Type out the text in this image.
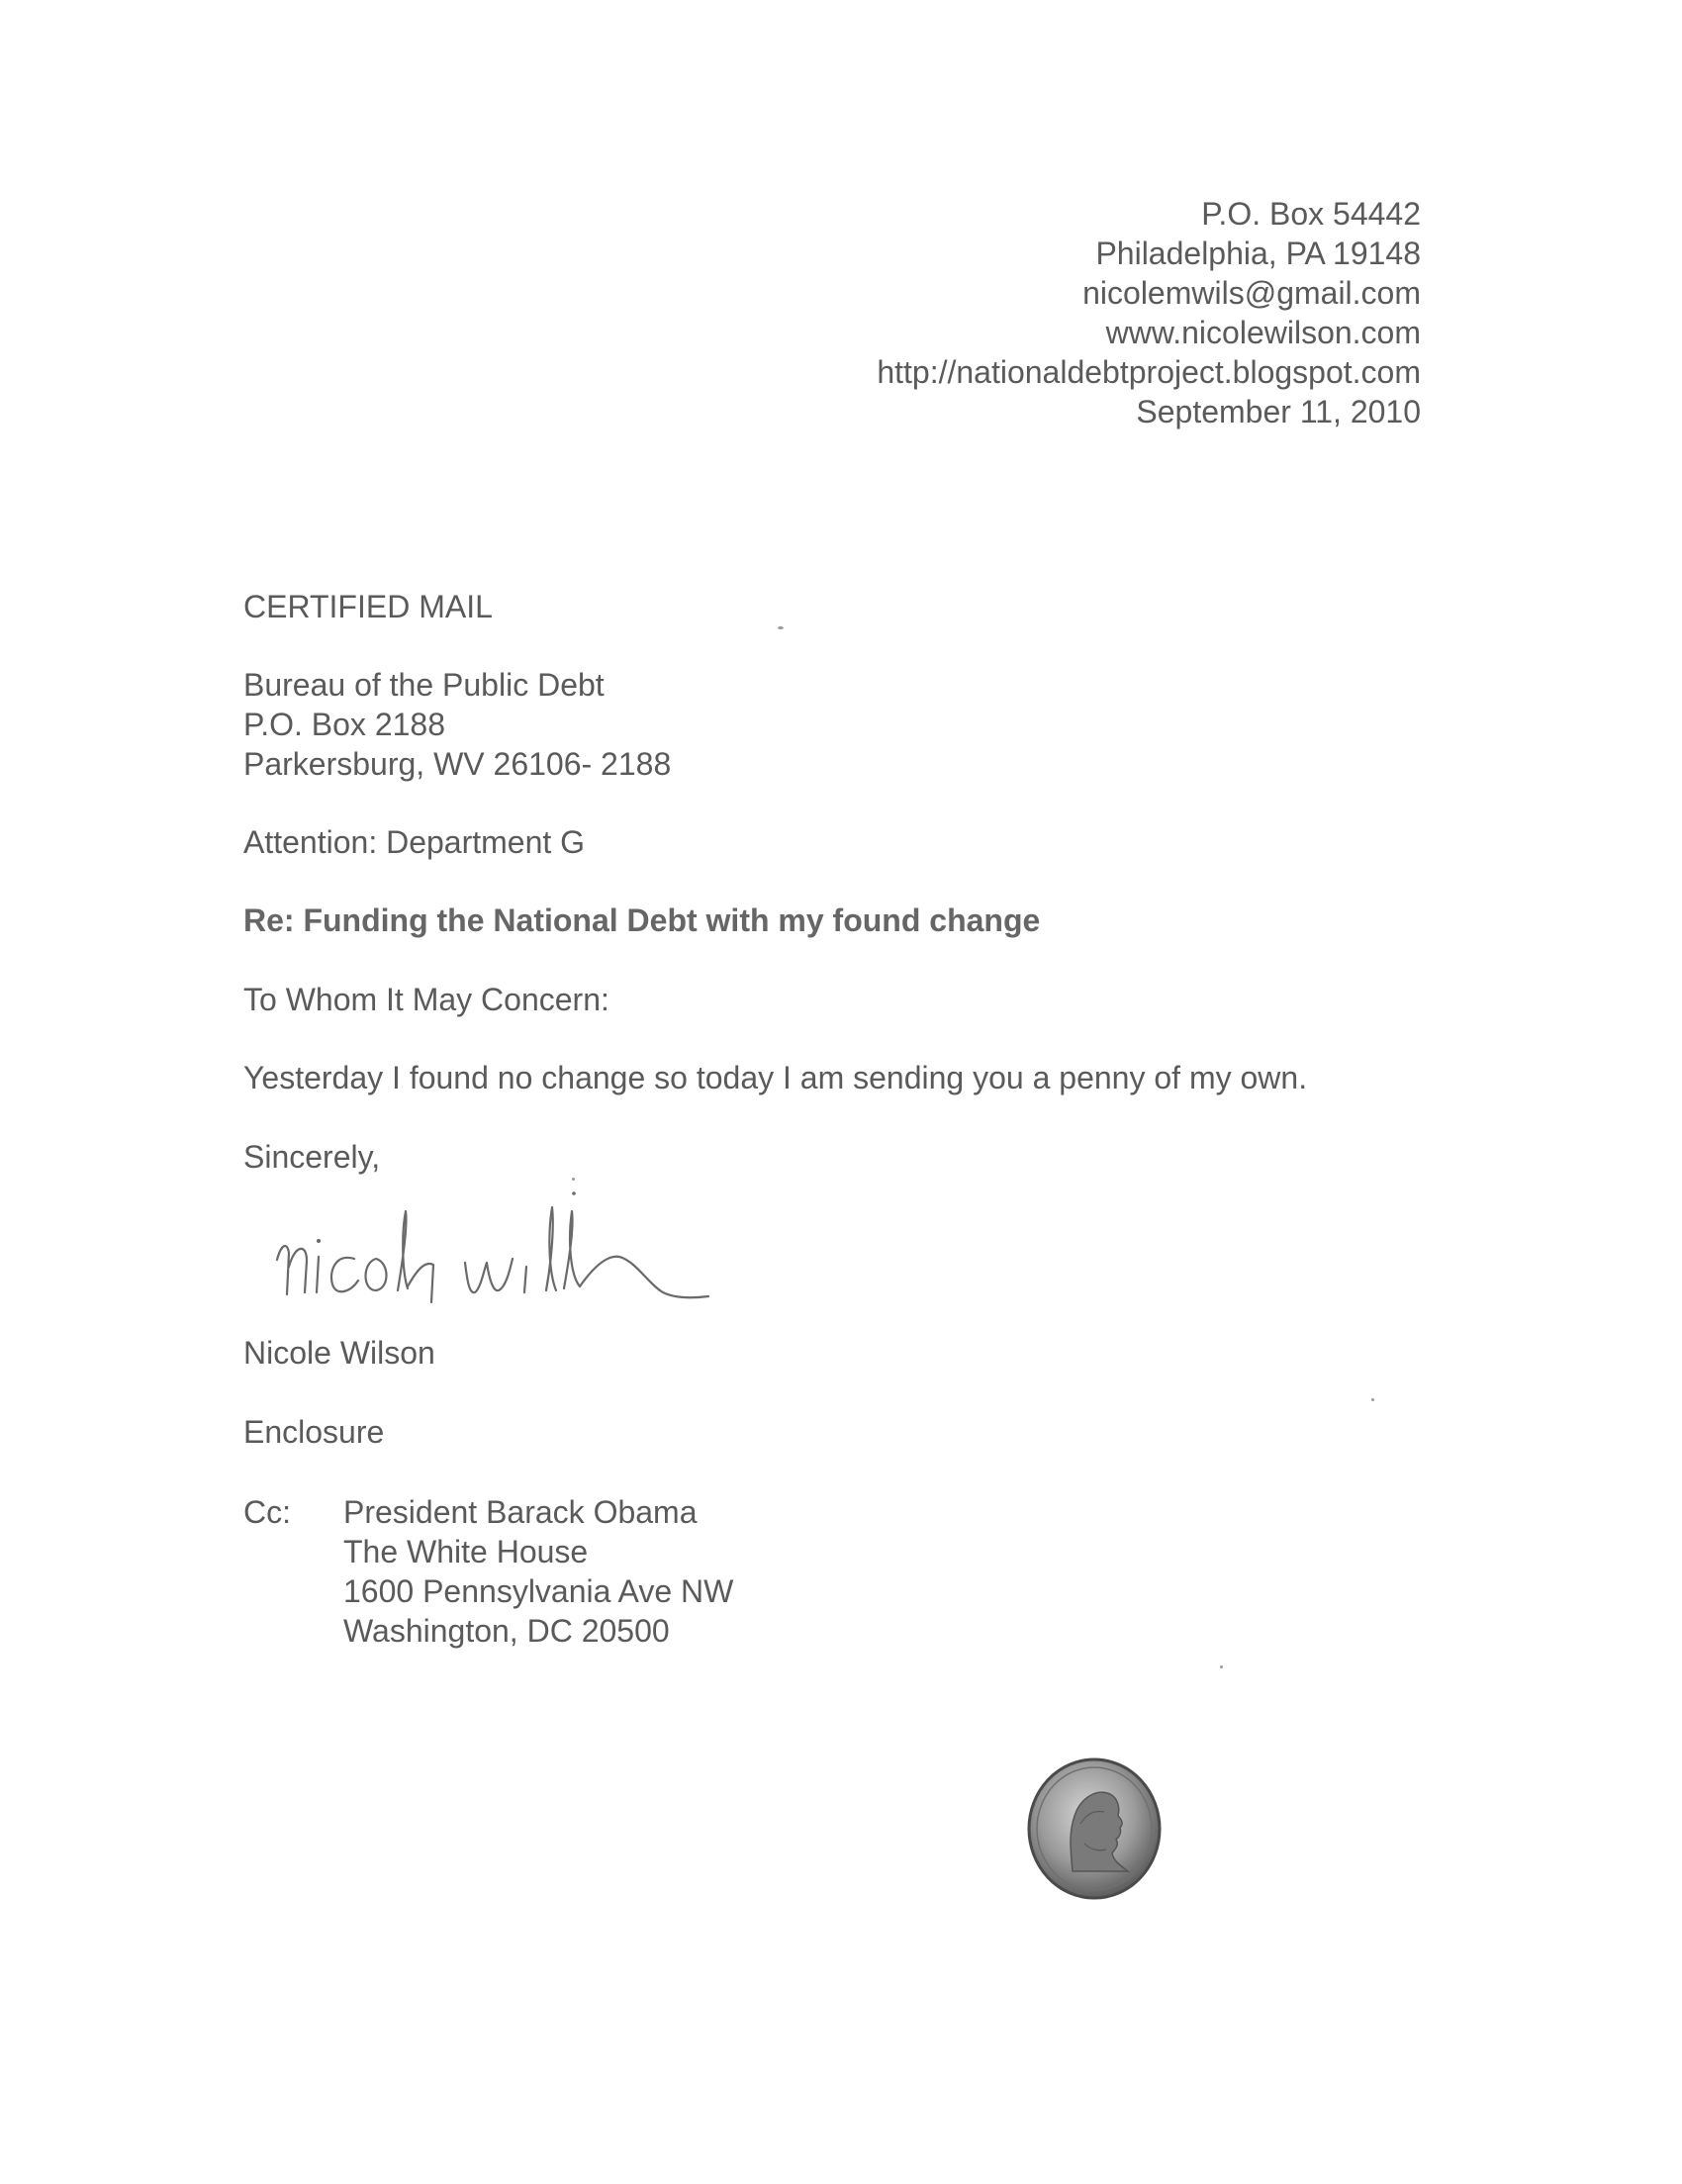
P.O. Box 54442
Philadelphia, PA 19148
nicolemwils@gmail.com
www.nicolewilson.com
http://nationaldebtproject.blogspot.com
September 11, 2010
CERTIFIED MAIL
Bureau of the Public Debt
P.O. Box 2188
Parkersburg, WV 26106- 2188
Attention: Department G
Re: Funding the National Debt with my found change
To Whom It May Concern:
Yesterday I found no change so today I am sending you a penny of my own.
Sincerely,
Nicole Wilson
Enclosure
Cc: President Barack Obama
The White House
1600 Pennsylvania Ave NW
Washington, DC 20500
